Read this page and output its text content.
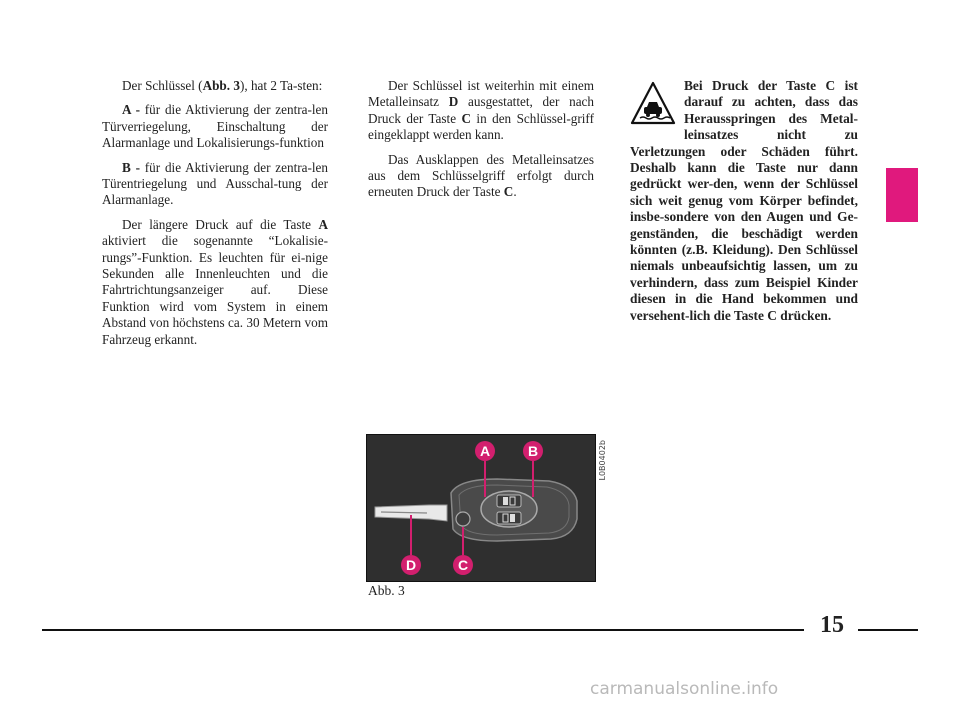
Der Schlüssel (Abb. 3), hat 2 Ta-sten:

A - für die Aktivierung der zentra-len Türverriegelung, Einschaltung der Alarmanlage und Lokalisierungs-funktion

B - für die Aktivierung der zentra-len Türentriegelung und Ausschal-tung der Alarmanlage.

Der längere Druck auf die Taste A aktiviert die sogenannte “Lokalisie-rungs”-Funktion. Es leuchten für ei-nige Sekunden alle Innenleuchten und die Fahrtrichtungsanzeiger auf. Diese Funktion wird vom System in einem Abstand von höchstens ca. 30 Metern vom Fahrzeug erkannt.

Der Schlüssel ist weiterhin mit einem Metalleinsatz D ausgestattet, der nach Druck der Taste C in den Schlüssel-griff eingeklappt werden kann.

Das Ausklappen des Metalleinsatzes aus dem Schlüsselgriff erfolgt durch erneuten Druck der Taste C.

Bei Druck der Taste C ist darauf zu achten, dass das Herausspringen des Metal-leinsatzes nicht zu Verletzungen oder Schäden führt. Deshalb kann die Taste nur dann gedrückt wer-den, wenn der Schlüssel sich weit genug vom Körper befindet, insbe-sondere von den Augen und Ge-genständen, die beschädigt werden könnten (z.B. Kleidung). Den Schlüssel niemals unbeaufsichtig lassen, um zu verhindern, dass zum Beispiel Kinder diesen in die Hand bekommen und versehent-lich die Taste C drücken.

A	B
C
D
L0B0402b
Abb. 3
15
carmanualsonline.info
